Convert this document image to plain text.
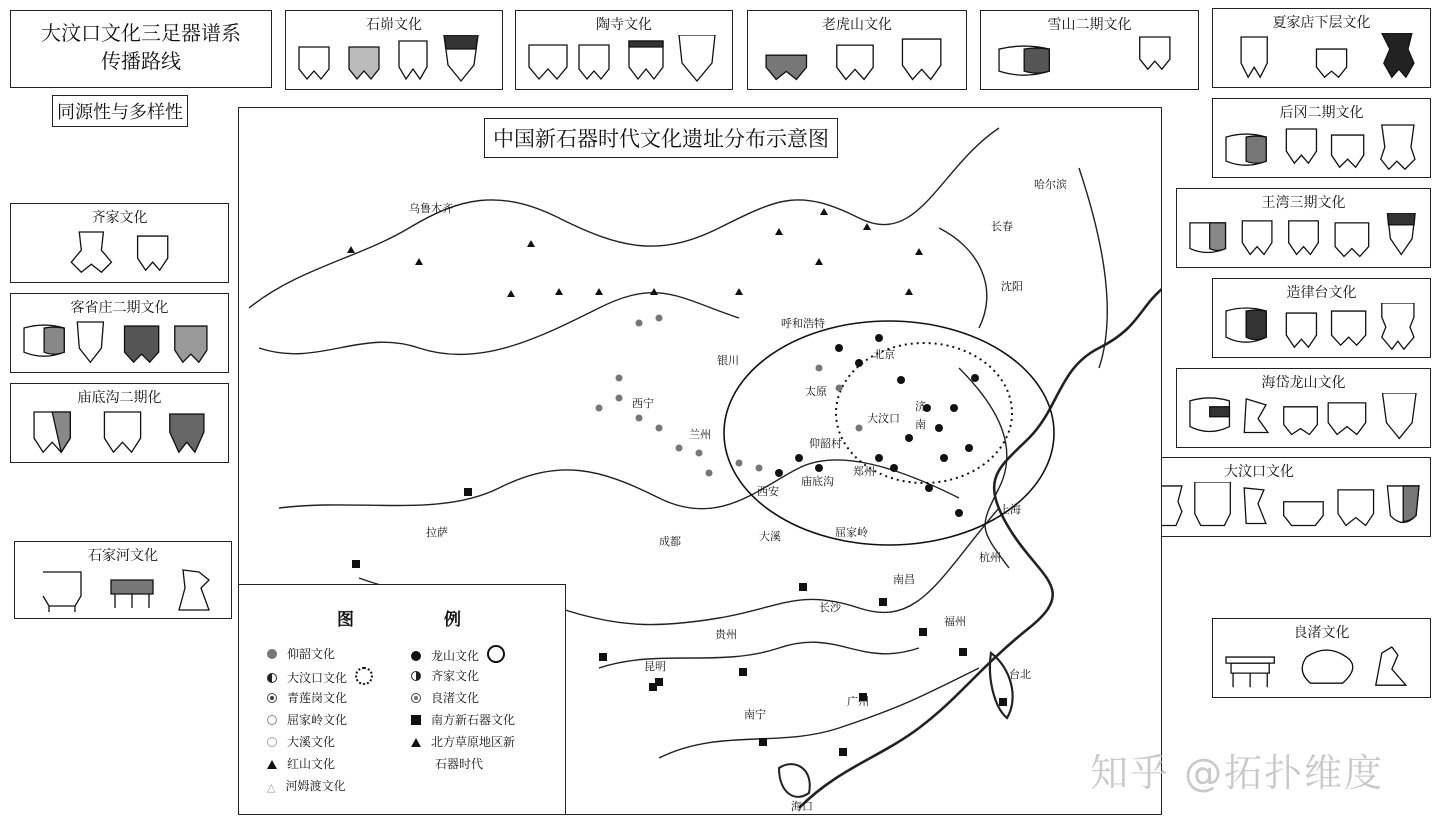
大汶口文化三足器谱系
传播路线
同源性与多样性
石峁文化	陶寺文化	老虎山文化	雪山二期文化	夏家店下层文化
后冈二期文化
王湾三期文化
造律台文化
海岱龙山文化
大汶口文化
良渚文化
齐家文化
客省庄二期文化
庙底沟二期化
石家河文化
中国新石器时代文化遗址分布示意图
乌鲁木齐
哈尔滨
长春
沈阳
呼和浩特
北京
银川
太原
济
南
大汶口
西宁
兰州
仰韶村
郑州
庙底沟
西安
上海
拉萨
成都	大溪	屈家岭
杭州
南昌
长沙
贵州
福州
昆明
台北
广州
南宁
海口
图	例
仰韶文化
大汶口文化
青莲岗文化
屈家岭文化
大溪文化
红山文化
△ 河姆渡文化
龙山文化
齐家文化
良渚文化
南方新石器文化
北方草原地区新
石器时代	知乎 @拓扑维度
